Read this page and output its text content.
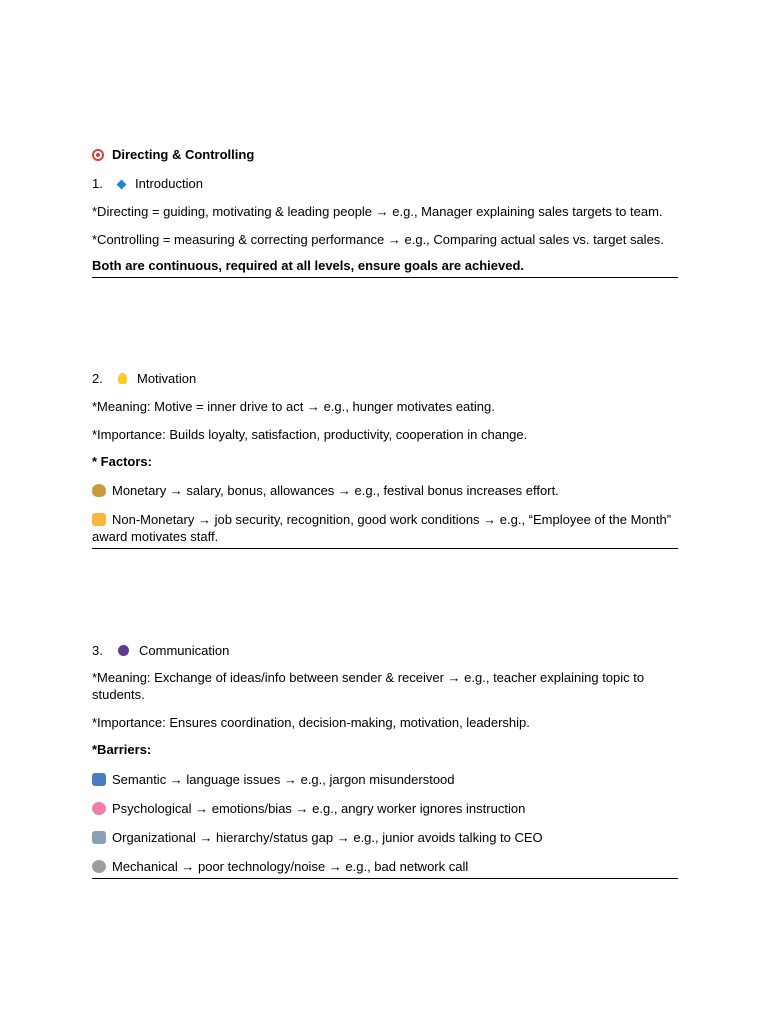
Directing & Controlling
1. Introduction
*Directing = guiding, motivating & leading people → e.g., Manager explaining sales targets to team.
*Controlling = measuring & correcting performance → e.g., Comparing actual sales vs. target sales.
Both are continuous, required at all levels, ensure goals are achieved.
2.	Motivation
*Meaning: Motive = inner drive to act → e.g., hunger motivates eating.
*Importance: Builds loyalty, satisfaction, productivity, cooperation in change.
* Factors:
Monetary → salary, bonus, allowances → e.g., festival bonus increases effort.
Non-Monetary → job security, recognition, good work conditions → e.g., “Employee of the Month” award motivates staff.
3.	Communication
*Meaning: Exchange of ideas/info between sender & receiver → e.g., teacher explaining topic to students.
*Importance: Ensures coordination, decision-making, motivation, leadership.
*Barriers:
Semantic → language issues → e.g., jargon misunderstood
Psychological → emotions/bias → e.g., angry worker ignores instruction
Organizational → hierarchy/status gap → e.g., junior avoids talking to CEO
Mechanical → poor technology/noise → e.g., bad network call
